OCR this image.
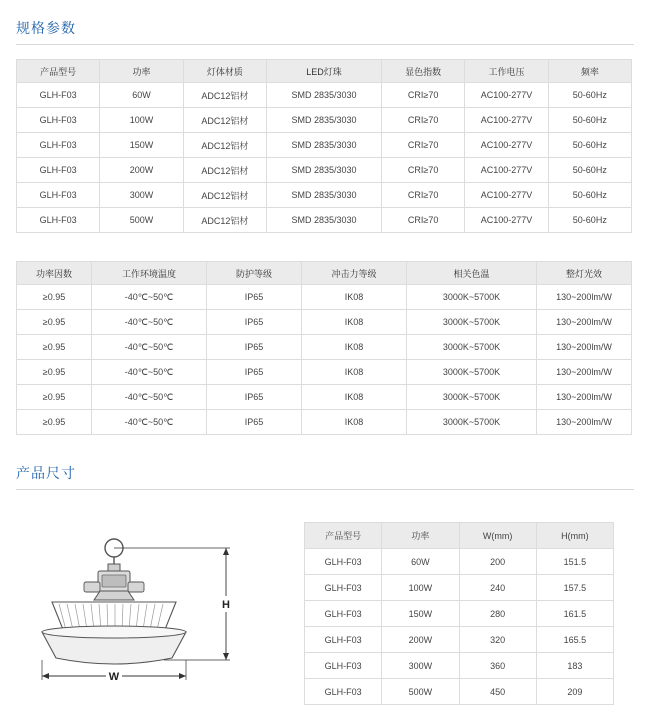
规格参数
产品型号	功率	灯体材质	LED灯珠	显色指数	工作电压	频率
GLH-F03	60W	ADC12铝材	SMD 2835/3030	CRI≥70	AC100-277V	50-60Hz
GLH-F03	100W	ADC12铝材	SMD 2835/3030	CRI≥70	AC100-277V	50-60Hz
GLH-F03	150W	ADC12铝材	SMD 2835/3030	CRI≥70	AC100-277V	50-60Hz
GLH-F03	200W	ADC12铝材	SMD 2835/3030	CRI≥70	AC100-277V	50-60Hz
GLH-F03	300W	ADC12铝材	SMD 2835/3030	CRI≥70	AC100-277V	50-60Hz
GLH-F03	500W	ADC12铝材	SMD 2835/3030	CRI≥70	AC100-277V	50-60Hz
功率因数	工作环境温度	防护等级	冲击力等级	相关色温	整灯光效
≥0.95	-40℃~50℃	IP65	IK08	3000K~5700K	130~200lm/W
≥0.95	-40℃~50℃	IP65	IK08	3000K~5700K	130~200lm/W
≥0.95	-40℃~50℃	IP65	IK08	3000K~5700K	130~200lm/W
≥0.95	-40℃~50℃	IP65	IK08	3000K~5700K	130~200lm/W
≥0.95	-40℃~50℃	IP65	IK08	3000K~5700K	130~200lm/W
≥0.95	-40℃~50℃	IP65	IK08	3000K~5700K	130~200lm/W
产品尺寸
W
H
产品型号	功率	W(mm)	H(mm)
GLH-F03	60W	200	151.5
GLH-F03	100W	240	157.5
GLH-F03	150W	280	161.5
GLH-F03	200W	320	165.5
GLH-F03	300W	360	183
GLH-F03	500W	450	209
